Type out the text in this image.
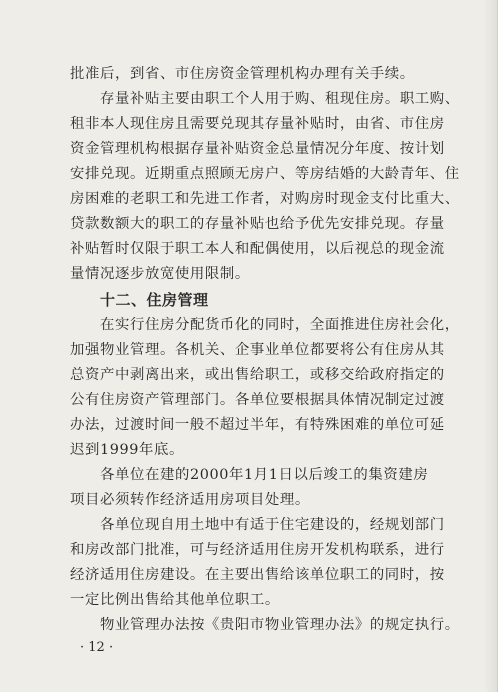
批准后，到省、市住房资金管理机构办理有关手续。
存量补贴主要由职工个人用于购、租现住房。职工购、
租非本人现住房且需要兑现其存量补贴时，由省、市住房
资金管理机构根据存量补贴资金总量情况分年度、按计划
安排兑现。近期重点照顾无房户、等房结婚的大龄青年、住
房困难的老职工和先进工作者，对购房时现金支付比重大、
贷款数额大的职工的存量补贴也给予优先安排兑现。存量
补贴暂时仅限于职工本人和配偶使用，以后视总的现金流
量情况逐步放宽使用限制。
十二、住房管理
在实行住房分配货币化的同时，全面推进住房社会化，
加强物业管理。各机关、企事业单位都要将公有住房从其
总资产中剥离出来，或出售给职工，或移交给政府指定的
公有住房资产管理部门。各单位要根据具体情况制定过渡
办法，过渡时间一般不超过半年，有特殊困难的单位可延
迟到1999年底。
各单位在建的2000年1月1日以后竣工的集资建房
项目必须转作经济适用房项目处理。
各单位现自用土地中有适于住宅建设的，经规划部门
和房改部门批准，可与经济适用住房开发机构联系，进行
经济适用住房建设。在主要出售给该单位职工的同时，按
一定比例出售给其他单位职工。
物业管理办法按《贵阳市物业管理办法》的规定执行。
· 12 ·
